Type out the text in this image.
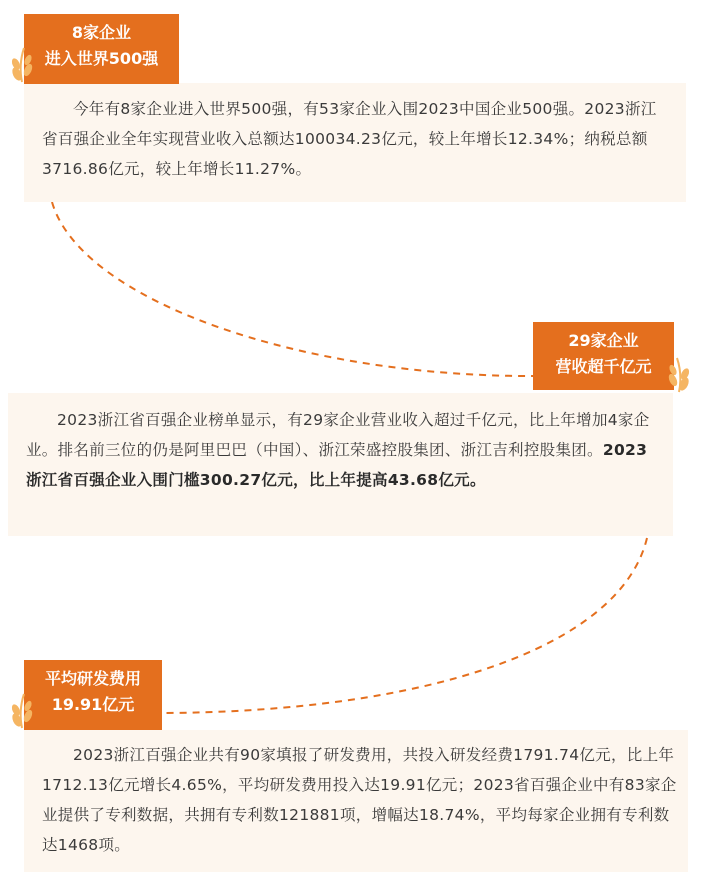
今年有8家企业进入世界500强，有53家企业入围2023中国企业500强。2023浙江省百强企业全年实现营业收入总额达100034.23亿元，较上年增长12.34%；纳税总额3716.86亿元，较上年增长11.27%。

8家企业
进入世界500强

2023浙江省百强企业榜单显示，有29家企业营业收入超过千亿元，比上年增加4家企业。排名前三位的仍是阿里巴巴（中国）、浙江荣盛控股集团、浙江吉利控股集团。2023浙江省百强企业入围门槛300.27亿元，比上年提高43.68亿元。

29家企业
营收超千亿元

2023浙江百强企业共有90家填报了研发费用，共投入研发经费1791.74亿元，比上年1712.13亿元增长4.65%，平均研发费用投入达19.91亿元；2023省百强企业中有83家企业提供了专利数据，共拥有专利数121881项，增幅达18.74%，平均每家企业拥有专利数达1468项。

平均研发费用
19.91亿元
